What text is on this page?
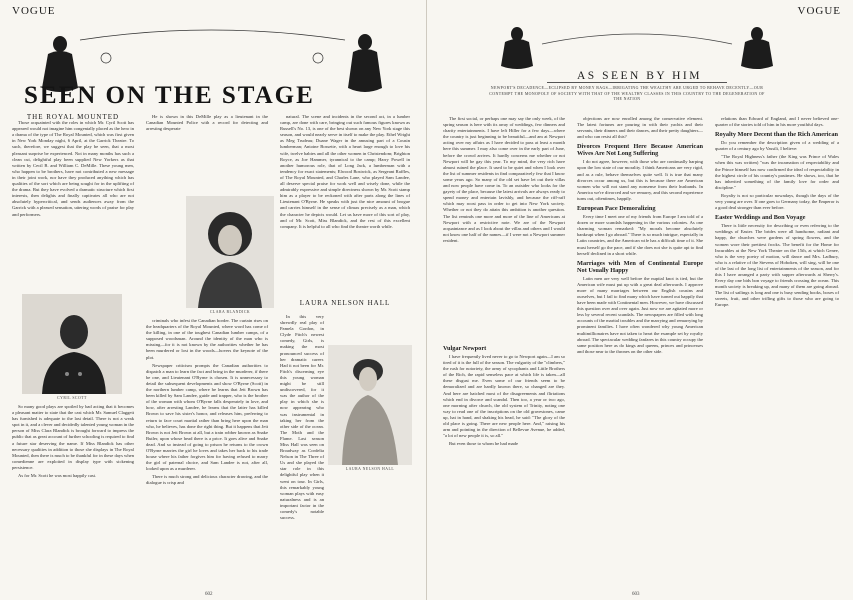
VOGUE
SEEN ON THE STAGE
THE ROYAL MOUNTED

Those acquainted with the roles in which Mr. Cyril Scott has appeared would not imagine him congenially placed as the hero in a drama of the type of The Royal Mounted, which was first given in New York Monday night, 6 April, at the Garrick Theatre. To such, therefore, we suggest that the play be seen, that a most pleasant surprise be experienced. Not in many months has such a clean cut, delightful play been supplied New Yorkers as that written by Cecil B. and William C. DeMille. These young men, who happen to be brothers, have not contributed a new message in their joint work, nor have they produced anything which has qualities of the sort which are being sought for in the uplifting of the drama. But they have evolved a dramatic structure which first interests, then delights and finally captivates all who are not absolutely hypercritical, and sends audiences away from the Garrick with a pleased sensation, uttering words of praise for play and performers.

CYRIL SCOTT

So many good plays are spoiled by bad acting that it becomes a pleasant matter to state that the cast which Mr. Samuel Claggett has furnished is adequate to the last detail. There is not a weak spot in it, and a clever and decidedly talented young woman in the person of Miss Clara Blandick is brought forward to impress the public that as great account of further schooling is required to find a future star deserving the name. If Miss Blandick has other necessary qualities in addition to those she displays in The Royal Mounted, then there is much to be thankful for in these days when comedienne are exploited in display type with sickening persistence.

As for Mr. Scott he was most happily cast.

He is shown in this DeMille play as a lieutenant in the Canadian Mounted Police with a record for detecting and arresting desperate

CLARA BLANDICK

criminals who infest the Canadian border. The curtain rises on the headquarters of the Royal Mounted, where word has come of the killing, in one of the toughest Canadian lumber camps, of a supposed woodsman. Around the identity of the man who is missing—for it is not known by the authorities whether he has been murdered or lost in the woods—hovers the keynote of the plot.

Newspaper criticism prompts the Canadian authorities to dispatch a man to learn the fact and bring in the murderer, if there be one, and Lieutenant O'Byrne is chosen. It is unnecessary to detail the subsequent developments and show O'Byrne (Scott) in the northern lumber camp, where he learns that Jett Brown has been killed by Sam Landee, guide and trapper, who is the brother of the woman with whom O'Byrne falls desperately in love, and how, after arresting Landee, he learns that the latter has killed Brown to save his sister's honor, and releases him, preferring to return to face court martial rather than bring here upon the man who, he believes, has done the right thing. But it happens that Jett Brown is not Jett Brown at all, but a train robber known as Snake Butler, upon whose head there is a price. It goes alive and Snake dead. And so instead of going to prison he returns to the crown O'Byrne marries the girl he loves and takes her back to his trade house where his father forgives him for having refused to marry the girl of paternal choice, and Sam Landee is not, after all, looked upon as a murderer.

There is much strong and delicious character drawing, and the dialogue is crisp and

natural. The scene and incidents in the second act, in a lumber camp, are done with care, bringing out such famous figures known as Russell's No. 13, is one of the best shown on any New York stage this season, and would nearly serve in itself to make the play. Ethel Wright as Meg Trudeau; Duane Wager in the amusing part of a Cousin lumberman; Antoine Bossette, with a heart large enough to love his wife, twelve babies and all the other women in Christendom; Brighton Royce, as Joe Hammer, tyrannical to the camp; Harry Powell in another humorous role, that of Long Jack, a lumberman with a tendency for exact statements; Elwood Bostwick, as Sergeant Raffles, of The Royal Mounted, and Charles Lane, who played Sam Landee, all deserve special praise for work well and wisely done, while the admirably expressive and simple directness shown by Mr. Scott stamp him as a player to be reckoned with after parts along the lines of Lieutenant O'Byrne. He speaks with just the nice amount of brogue and carries himself in the sense of climax precisely as a man, which the character he depicts would. Let us have more of this sort of play, and of Mr. Scott, Miss Blandick, and the rest of this excellent company. It is helpful to all who find the theatre worth while.

LAURA NELSON HALL
LAURA NELSON HALL

In this very shrewdly real play of Pamela Gordon, in Clyde Fitch's newest comedy, Girls, is making the most pronounced success of her dramatic career. Had it not been for Mr. Fitch's discerning eye this young woman might be still undiscovered, for it was the author of the play in which she is now appearing who was instrumental in taking her from the other side of the ocean. The Moth and the Flame. Last season Miss Hall was seen on Broadway as Cordelia Nelson in The Three of Us and she played the star role in this delightful play when it went on tour. In Girls, this remarkably young woman plays with easy naturalness and is an important factor in the comedy's notable success.

602
VOGUE
AS SEEN BY HIM
NEWPORT'S DECADENCE—ECLIPSED BY MONEY BAGS—IRRIGATING THE WEALTHY ARE URGED TO BEHAVE DECENTLY—OUR CONTEMPT THE MONOPOLY OF SOCIETY WITH THAT OF THE WEALTHY CLASSES IN THIS COUNTRY TO THE DEGENERATION OF THE NATION

The first social, or perhaps one may say the only week, of the spring season is here with its array of weddings, few dinners and charity entertainments. I have left Hiller for a few days—where the country is just beginning to be beautiful—and am at Newport acting over my affairs as I have decided to pass at least a month here this summer. I may also come over in the early part of June, before the crowd arrives. It hardly concerns me whether or not Newport will be gay this year. To my mind, the very rich have almost ruined the place. It used to be quiet and when I look over the list of summer residents in find comparatively few that I know some years ago. So many of the old set have let out their villas and now people have come in. To an outsider who looks for the gayety of the place, because the latest arrivals are always ready to spend money and entertain lavishly, and because the riff-raff which may roost pass in order to get into New York society. Whether or not they do attain this ambition is another question. The list reminds one more and more of the line of Americans at Newport with a restrictive note. We are of the Newport acquaintance and as I look about the villas and others and I would not know one half of the names—if I were not a Newport summer resident.

Vulgar Newport

I have frequently lived never to go to Newport again—I am so tired of it is the full of the season. The vulgarity of the "climbers," the rush for notoriety, the army of sycophants and Little Brothers of the Rich, the rapid senseless pace at which life is taken—all these disgust me. Even some of our friends seem to be demoralized and are hardly known there, so changed are they. And here are hatched most of the disagreements and flirtations which end in divorce and scandal. Then too, a year or two ago, one morning after church, the old system of Trinity, noting one way to read one of the inscriptions on the old gravestones, came up, hat in hand, and shaking his head, he said: "The glory of the old place is going. There are new people here. And," raising his arm and pointing in the direction of Bellevue Avenue, he added, "a lot of new people it is, so all."

But even those to whom he had made

objections are now enrolled among the conservative element. The latest fortunes are pouring in with their yachts and their servants, their dinners and their dances, and their pretty daughters—and who can resist all this?

Divorces Frequent Here Because American Wives Are Not Long Suffering

I do not agree, however, with those who are continually harping upon the low state of our morality. I think Americans are very rigid, and as a rule, behave themselves quite well. It is true that many divorces occur among us, but this is because there are American women who will not stand any nonsense from their husbands. In America we're divorced and we remarry, and this second experience turns out, oftentimes, happily.

European Pace Demoralizing

Every time I meet one of my friends from Europe I am told of a dozen or more scandals happening in the various colonies. As one charming woman remarked: "My morals become absolutely bankrupt when I go abroad." There is so much intrigue, especially in Latin countries, and the American wife has a difficult time of it. She must herself go the pace, and if she does not she is quite apt to find herself declined in a short while.

Marriages with Men of Continental Europe Not Usually Happy

Latin men are very well before the nuptial knot is tied, but the American wife must put up with a great deal afterwards. I approve more of many marriages between our English cousins and ourselves, but I fail to find many which have turned out happily that have been made with Continental men. However, we have discussed this question over and over again. Just now we are agitated more or less by several recent scandals. The newspapers are filled with long accounts of the marital troubles and the marrying and remarrying by prominent families. I have often wondered why young American multimillionaires have not taken to heart the example set by royalty abroad. The spectacular wedding fanfares in this country occupy the same position here as do kings and queens, princes and princesses and those near to the thrones on the other side.

relations than Edward of England, and I never believed one-quarter of the stories told of him in his more youthful days.

Royalty More Decent than the Rich American

Do you remember the description given of a wedding of a quarter of a century ago by Vassili, I believe:

"The Royal Highness's father (the King was Prince of Wales when this was written) "was the incarnation of respectability and the Prince himself has now confirmed the ideal of respectability in the highest circle of his country's pastimes. He shows, too, that he has inherited something of the family love for order and discipline."

Royalty is not so particular nowadays, though the days of the very young are over. If one goes to Germany today, the Emperor is a good deal stronger than ever before.

Easter Weddings and Bon Voyage

There is little necessity for describing or even referring to the weddings of Easter. The brides were all handsome, radiant and happy, the churches were gardens of spring flowers, and the women wore their prettiest frocks. The benefit for the Home for Incurables at the New York Theatre on the 15th, at which Genee, who is the very poetry of motion, will dance and Mrs. Ladbury, who is a relative of the Stevens of Hoboken, will sing, will be one of the last of the long list of entertainments of the season, and for this I have arranged a party with supper afterwards at Sherry's. Every day one bids bon voyage to friends crossing the ocean. This month society is breaking up, and many of them are going abroad. The list of sailings is long and one is busy sending books, boxes of sweets, fruit, and other trifling gifts to those who are going to Europe.

603
